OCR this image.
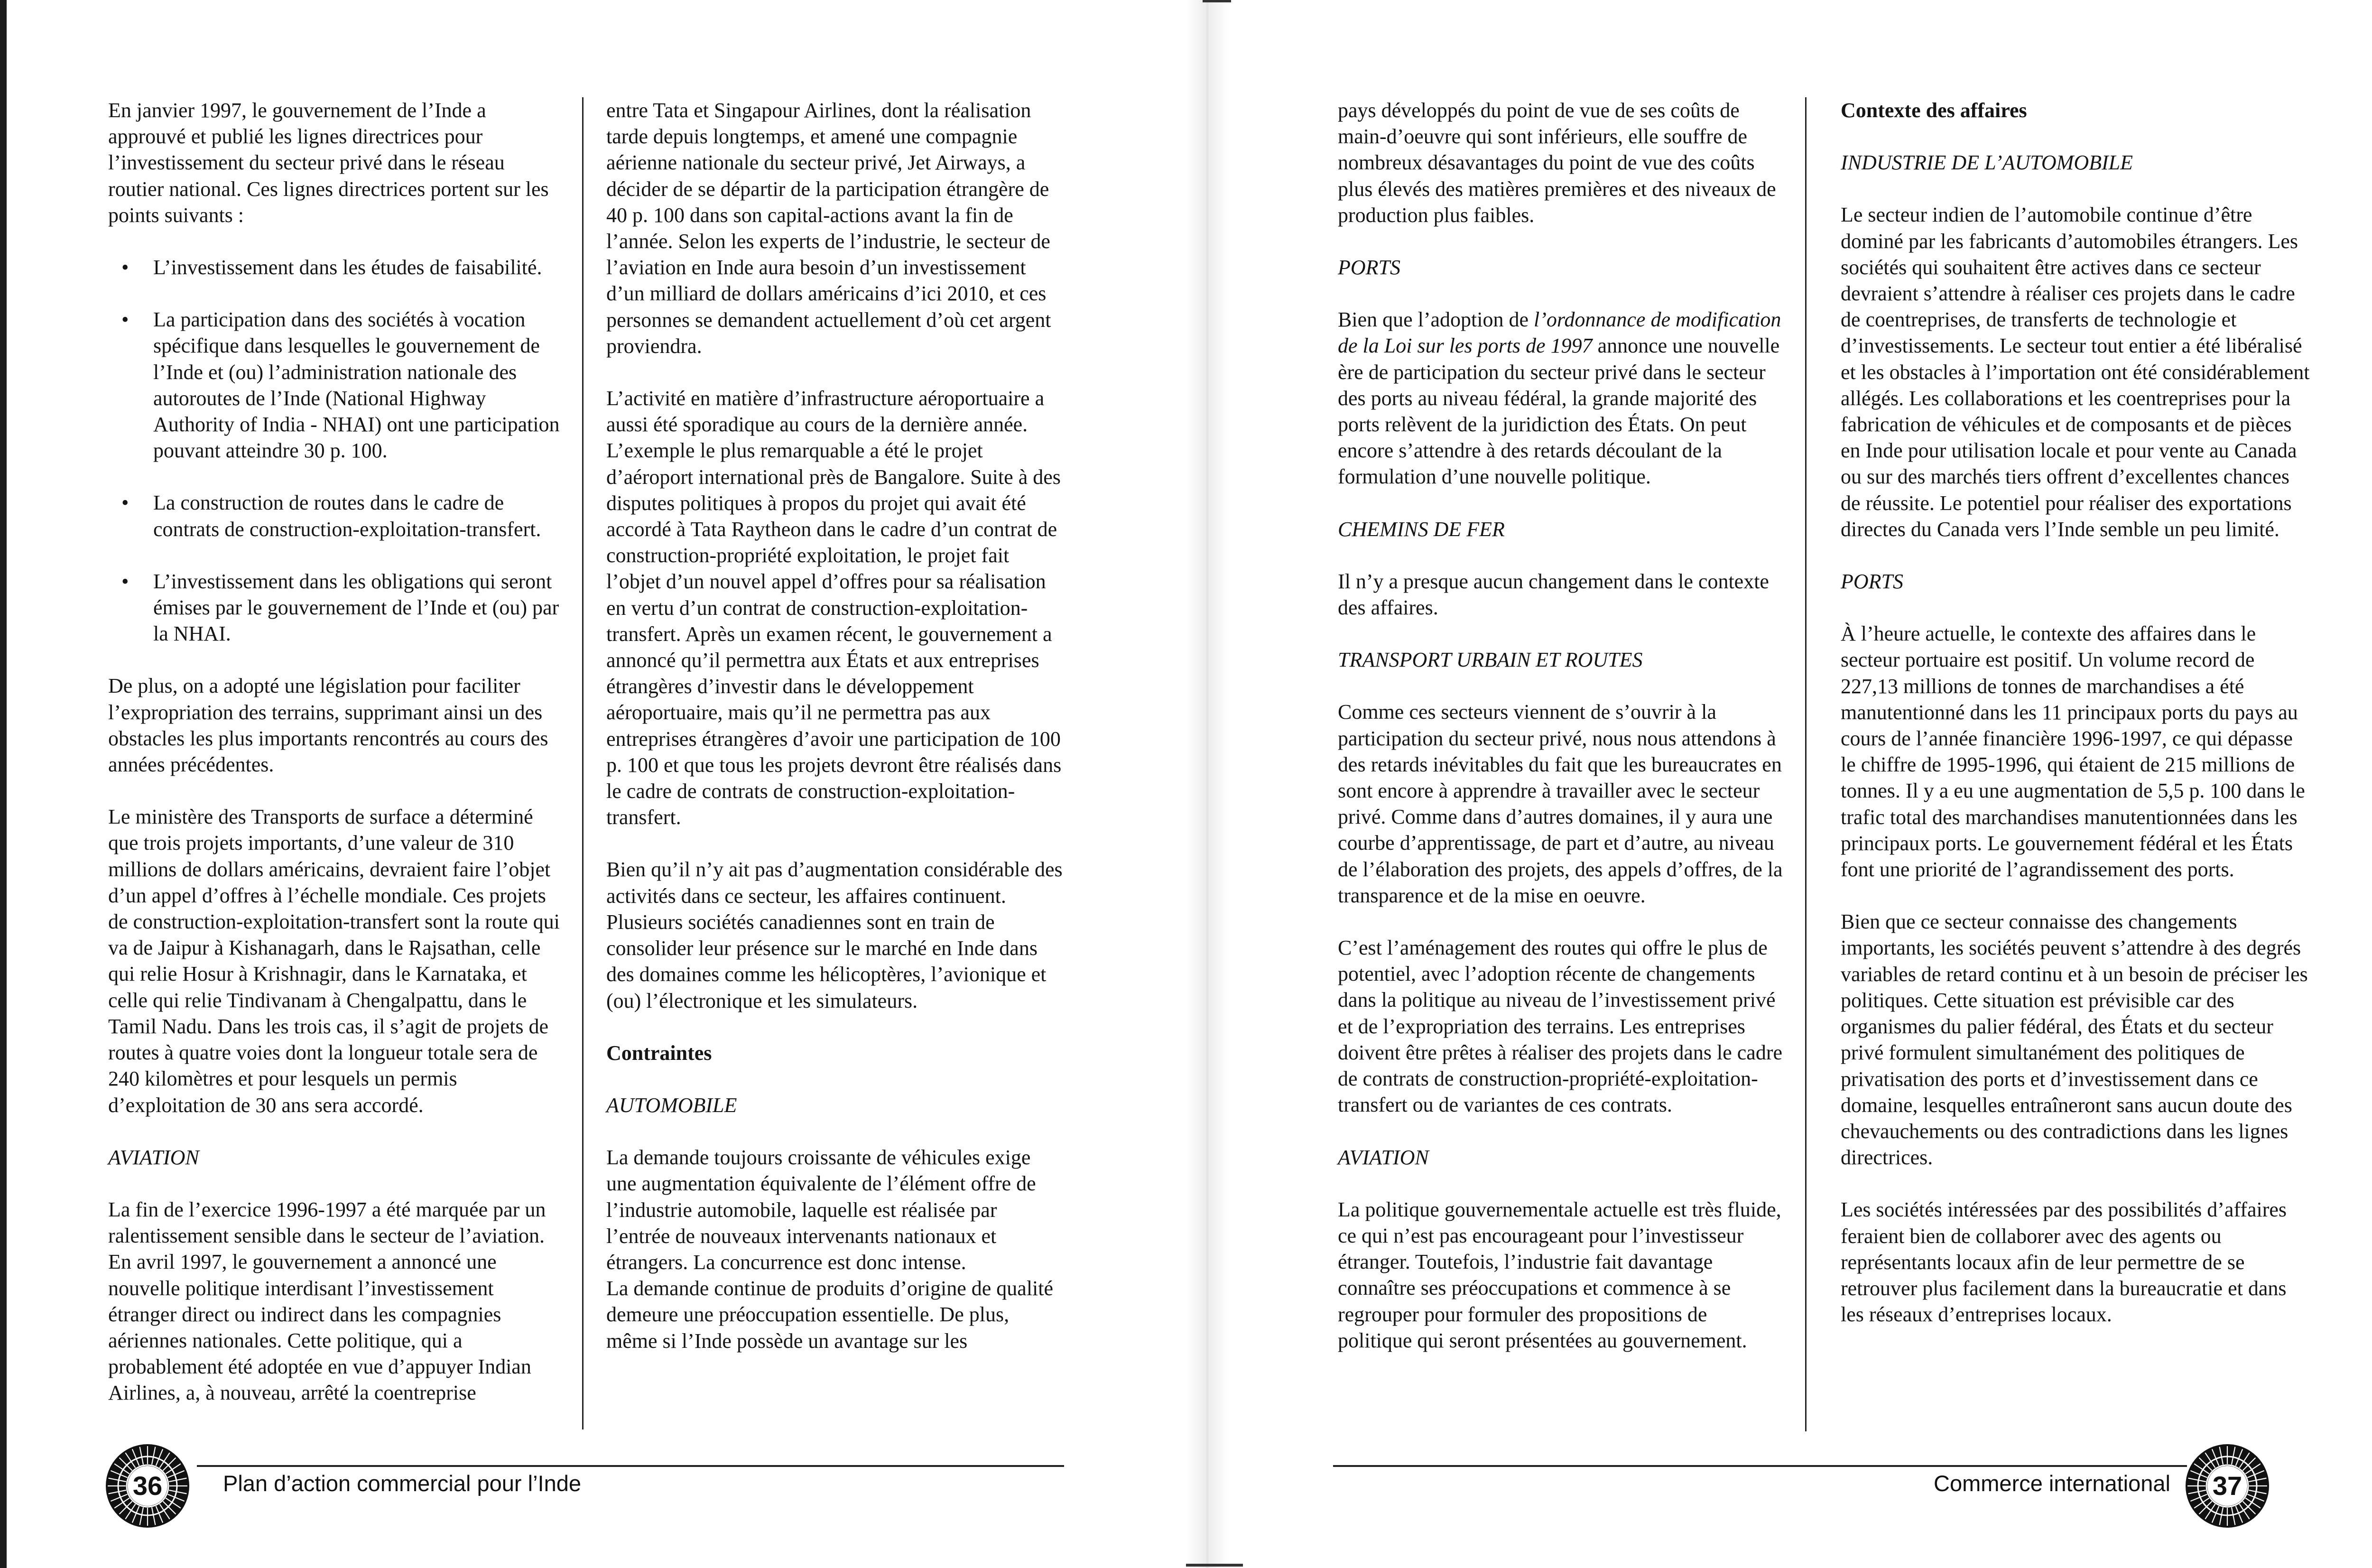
En janvier 1997, le gouvernement de l’Inde a approuvé et publié les lignes directrices pour l’investissement du secteur privé dans le réseau routier national. Ces lignes directrices portent sur les points suivants :

• L’investissement dans les études de faisabilité.
• La participation dans des sociétés à vocation spécifique dans lesquelles le gouvernement de l’Inde et (ou) l’administration nationale des autoroutes de l’Inde (National Highway Authority of India - NHAI) ont une participation pouvant atteindre 30 p. 100.
• La construction de routes dans le cadre de contrats de construction-exploitation-transfert.
• L’investissement dans les obligations qui seront émises par le gouvernement de l’Inde et (ou) par la NHAI.

De plus, on a adopté une législation pour faciliter l’expropriation des terrains, supprimant ainsi un des obstacles les plus importants rencontrés au cours des années précédentes.

Le ministère des Transports de surface a déterminé que trois projets importants, d’une valeur de 310 millions de dollars américains, devraient faire l’objet d’un appel d’offres à l’échelle mondiale. Ces projets de construction-exploitation-transfert sont la route qui va de Jaipur à Kishanagarh, dans le Rajsathan, celle qui relie Hosur à Krishnagir, dans le Karnataka, et celle qui relie Tindivanam à Chengalpattu, dans le Tamil Nadu. Dans les trois cas, il s’agit de projets de routes à quatre voies dont la longueur totale sera de 240 kilomètres et pour lesquels un permis d’exploitation de 30 ans sera accordé.

AVIATION

La fin de l’exercice 1996-1997 a été marquée par un ralentissement sensible dans le secteur de l’aviation. En avril 1997, le gouvernement a annoncé une nouvelle politique interdisant l’investissement étranger direct ou indirect dans les compagnies aériennes nationales. Cette politique, qui a probablement été adoptée en vue d’appuyer Indian Airlines, a, à nouveau, arrêté la coentreprise

entre Tata et Singapour Airlines, dont la réalisation tarde depuis longtemps, et amené une compagnie aérienne nationale du secteur privé, Jet Airways, a décider de se départir de la participation étrangère de 40 p. 100 dans son capital-actions avant la fin de l’année. Selon les experts de l’industrie, le secteur de l’aviation en Inde aura besoin d’un investissement d’un milliard de dollars américains d’ici 2010, et ces personnes se demandent actuellement d’où cet argent proviendra.

L’activité en matière d’infrastructure aéroportuaire a aussi été sporadique au cours de la dernière année. L’exemple le plus remarquable a été le projet d’aéroport international près de Bangalore. Suite à des disputes politiques à propos du projet qui avait été accordé à Tata Raytheon dans le cadre d’un contrat de construction-propriété exploitation, le projet fait l’objet d’un nouvel appel d’offres pour sa réalisation en vertu d’un contrat de construction-exploitation-transfert. Après un examen récent, le gouvernement a annoncé qu’il permettra aux États et aux entreprises étrangères d’investir dans le développement aéroportuaire, mais qu’il ne permettra pas aux entreprises étrangères d’avoir une participation de 100 p. 100 et que tous les projets devront être réalisés dans le cadre de contrats de construction-exploitation-transfert.

Bien qu’il n’y ait pas d’augmentation considérable des activités dans ce secteur, les affaires continuent. Plusieurs sociétés canadiennes sont en train de consolider leur présence sur le marché en Inde dans des domaines comme les hélicoptères, l’avionique et (ou) l’électronique et les simulateurs.

Contraintes
AUTOMOBILE

La demande toujours croissante de véhicules exige une augmentation équivalente de l’élément offre de l’industrie automobile, laquelle est réalisée par l’entrée de nouveaux intervenants nationaux et étrangers. La concurrence est donc intense.

La demande continue de produits d’origine de qualité demeure une préoccupation essentielle. De plus, même si l’Inde possède un avantage sur les

36	Plan d’action commercial pour l’Inde

pays développés du point de vue de ses coûts de main-d’oeuvre qui sont inférieurs, elle souffre de nombreux désavantages du point de vue des coûts plus élevés des matières premières et des niveaux de production plus faibles.

PORTS

Bien que l’adoption de l’ordonnance de modification de la Loi sur les ports de 1997 annonce une nouvelle ère de participation du secteur privé dans le secteur des ports au niveau fédéral, la grande majorité des ports relèvent de la juridiction des États. On peut encore s’attendre à des retards découlant de la formulation d’une nouvelle politique.

CHEMINS DE FER

Il n’y a presque aucun changement dans le contexte des affaires.

TRANSPORT URBAIN ET ROUTES

Comme ces secteurs viennent de s’ouvrir à la participation du secteur privé, nous nous attendons à des retards inévitables du fait que les bureaucrates en sont encore à apprendre à travailler avec le secteur privé. Comme dans d’autres domaines, il y aura une courbe d’apprentissage, de part et d’autre, au niveau de l’élaboration des projets, des appels d’offres, de la transparence et de la mise en oeuvre.

C’est l’aménagement des routes qui offre le plus de potentiel, avec l’adoption récente de changements dans la politique au niveau de l’investissement privé et de l’expropriation des terrains. Les entreprises doivent être prêtes à réaliser des projets dans le cadre de contrats de construction-propriété-exploitation-transfert ou de variantes de ces contrats.

AVIATION

La politique gouvernementale actuelle est très fluide, ce qui n’est pas encourageant pour l’investisseur étranger. Toutefois, l’industrie fait davantage connaître ses préoccupations et commence à se regrouper pour formuler des propositions de politique qui seront présentées au gouvernement.

Contexte des affaires
INDUSTRIE DE L’AUTOMOBILE

Le secteur indien de l’automobile continue d’être dominé par les fabricants d’automobiles étrangers. Les sociétés qui souhaitent être actives dans ce secteur devraient s’attendre à réaliser ces projets dans le cadre de coentreprises, de transferts de technologie et d’investissements. Le secteur tout entier a été libéralisé et les obstacles à l’importation ont été considérablement allégés. Les collaborations et les coentreprises pour la fabrication de véhicules et de composants et de pièces en Inde pour utilisation locale et pour vente au Canada ou sur des marchés tiers offrent d’excellentes chances de réussite. Le potentiel pour réaliser des exportations directes du Canada vers l’Inde semble un peu limité.

PORTS

À l’heure actuelle, le contexte des affaires dans le secteur portuaire est positif. Un volume record de 227,13 millions de tonnes de marchandises a été manutentionné dans les 11 principaux ports du pays au cours de l’année financière 1996-1997, ce qui dépasse le chiffre de 1995-1996, qui étaient de 215 millions de tonnes. Il y a eu une augmentation de 5,5 p. 100 dans le trafic total des marchandises manutentionnées dans les principaux ports. Le gouvernement fédéral et les États font une priorité de l’agrandissement des ports.

Bien que ce secteur connaisse des changements importants, les sociétés peuvent s’attendre à des degrés variables de retard continu et à un besoin de préciser les politiques. Cette situation est prévisible car des organismes du palier fédéral, des États et du secteur privé formulent simultanément des politiques de privatisation des ports et d’investissement dans ce domaine, lesquelles entraîneront sans aucun doute des chevauchements ou des contradictions dans les lignes directrices.

Les sociétés intéressées par des possibilités d’affaires feraient bien de collaborer avec des agents ou représentants locaux afin de leur permettre de se retrouver plus facilement dans la bureaucratie et dans les réseaux d’entreprises locaux.

Commerce international	37
